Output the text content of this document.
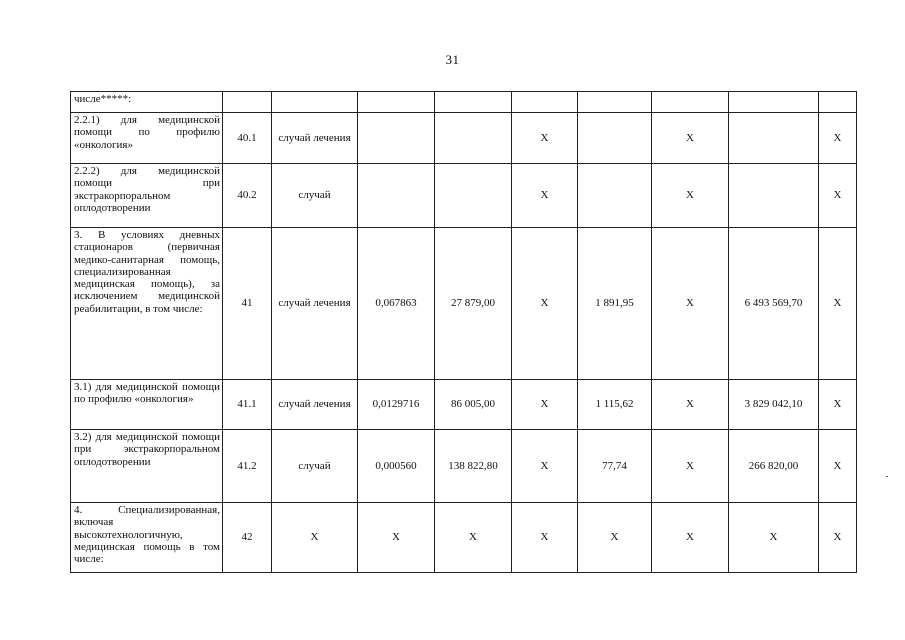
31
числе*****:									

2.2.1) для медицинской помощи по профилю «онкология»	40.1	случай лечения			Х		Х		Х

2.2.2) для медицинской помощи при экстракорпоральном оплодотворении	40.2	случай			Х		Х		Х

3. В условиях дневных стационаров (первичная медико-санитарная помощь, специализированная медицинская помощь), за исключением медицинской реабилитации, в том числе:	41	случай лечения	0,067863	27 879,00	Х	1 891,95	Х	6 493 569,70	Х

3.1) для медицинской помощи по профилю «онкология»	41.1	случай лечения	0,0129716	86 005,00	Х	1 115,62	Х	3 829 042,10	Х

3.2) для медицинской помощи при экстракорпоральном оплодотворении	41.2	случай	0,000560	138 822,80	Х	77,74	Х	266 820,00	Х

4. Специализированная, включая высокотехнологичную, медицинская помощь в том числе:	42	Х	Х	Х	Х	Х	Х	Х	Х
